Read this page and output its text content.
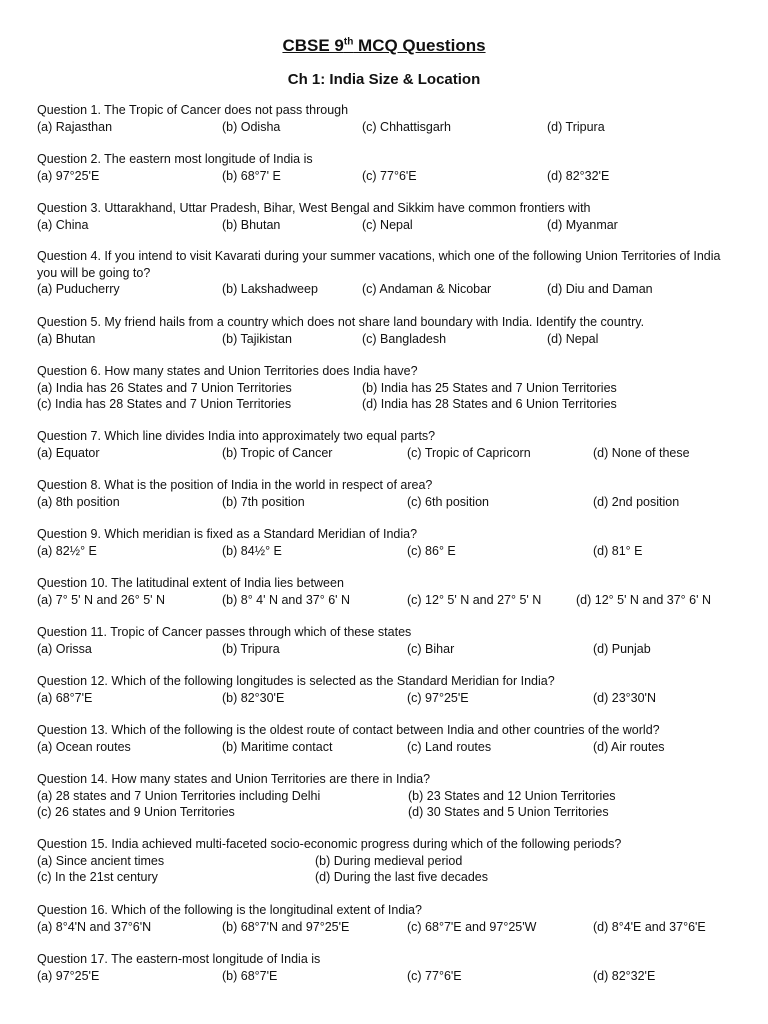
CBSE 9th MCQ Questions
Ch 1: India Size & Location
Question 1. The Tropic of Cancer does not pass through
(a) Rajasthan	(b) Odisha	(c) Chhattisgarh	(d) Tripura
Question 2. The eastern most longitude of India is
(a) 97°25'E	(b) 68°7' E	(c) 77°6'E	(d) 82°32'E
Question 3. Uttarakhand, Uttar Pradesh, Bihar, West Bengal and Sikkim have common frontiers with
(a) China	(b) Bhutan	(c) Nepal	(d) Myanmar
Question 4. If you intend to visit Kavarati during your summer vacations, which one of the following Union Territories of India you will be going to?
(a) Puducherry	(b) Lakshadweep	(c) Andaman & Nicobar	(d) Diu and Daman
Question 5. My friend hails from a country which does not share land boundary with India. Identify the country.
(a) Bhutan	(b) Tajikistan	(c) Bangladesh	(d) Nepal
Question 6. How many states and Union Territories does India have?
(a) India has 26 States and 7 Union Territories	(b) India has 25 States and 7 Union Territories
(c) India has 28 States and 7 Union Territories	(d) India has 28 States and 6 Union Territories
Question 7. Which line divides India into approximately two equal parts?
(a) Equator	(b) Tropic of Cancer	(c) Tropic of Capricorn	(d) None of these
Question 8. What is the position of India in the world in respect of area?
(a) 8th position	(b) 7th position	(c) 6th position	(d) 2nd position
Question 9. Which meridian is fixed as a Standard Meridian of India?
(a) 82½° E	(b) 84½° E	(c) 86° E	(d) 81° E
Question 10. The latitudinal extent of India lies between
(a) 7° 5' N and 26° 5' N	(b) 8° 4' N and 37° 6' N	(c) 12° 5' N and 27° 5' N	(d) 12° 5' N and 37° 6' N
Question 11. Tropic of Cancer passes through which of these states
(a) Orissa	(b) Tripura	(c) Bihar	(d) Punjab
Question 12. Which of the following longitudes is selected as the Standard Meridian for India?
(a) 68°7'E	(b) 82°30'E	(c) 97°25'E	(d) 23°30'N
Question 13. Which of the following is the oldest route of contact between India and other countries of the world?
(a) Ocean routes	(b) Maritime contact	(c) Land routes	(d) Air routes
Question 14. How many states and Union Territories are there in India?
(a) 28 states and 7 Union Territories including Delhi	(b) 23 States and 12 Union Territories
(c) 26 states and 9 Union Territories	(d) 30 States and 5 Union Territories
Question 15. India achieved multi-faceted socio-economic progress during which of the following periods?
(a) Since ancient times	(b) During medieval period
(c) In the 21st century	(d) During the last five decades
Question 16. Which of the following is the longitudinal extent of India?
(a) 8°4'N and 37°6'N	(b) 68°7'N and 97°25'E	(c) 68°7'E and 97°25'W	(d) 8°4'E and 37°6'E
Question 17. The eastern-most longitude of India is
(a) 97°25'E	(b) 68°7'E	(c) 77°6'E	(d) 82°32'E
